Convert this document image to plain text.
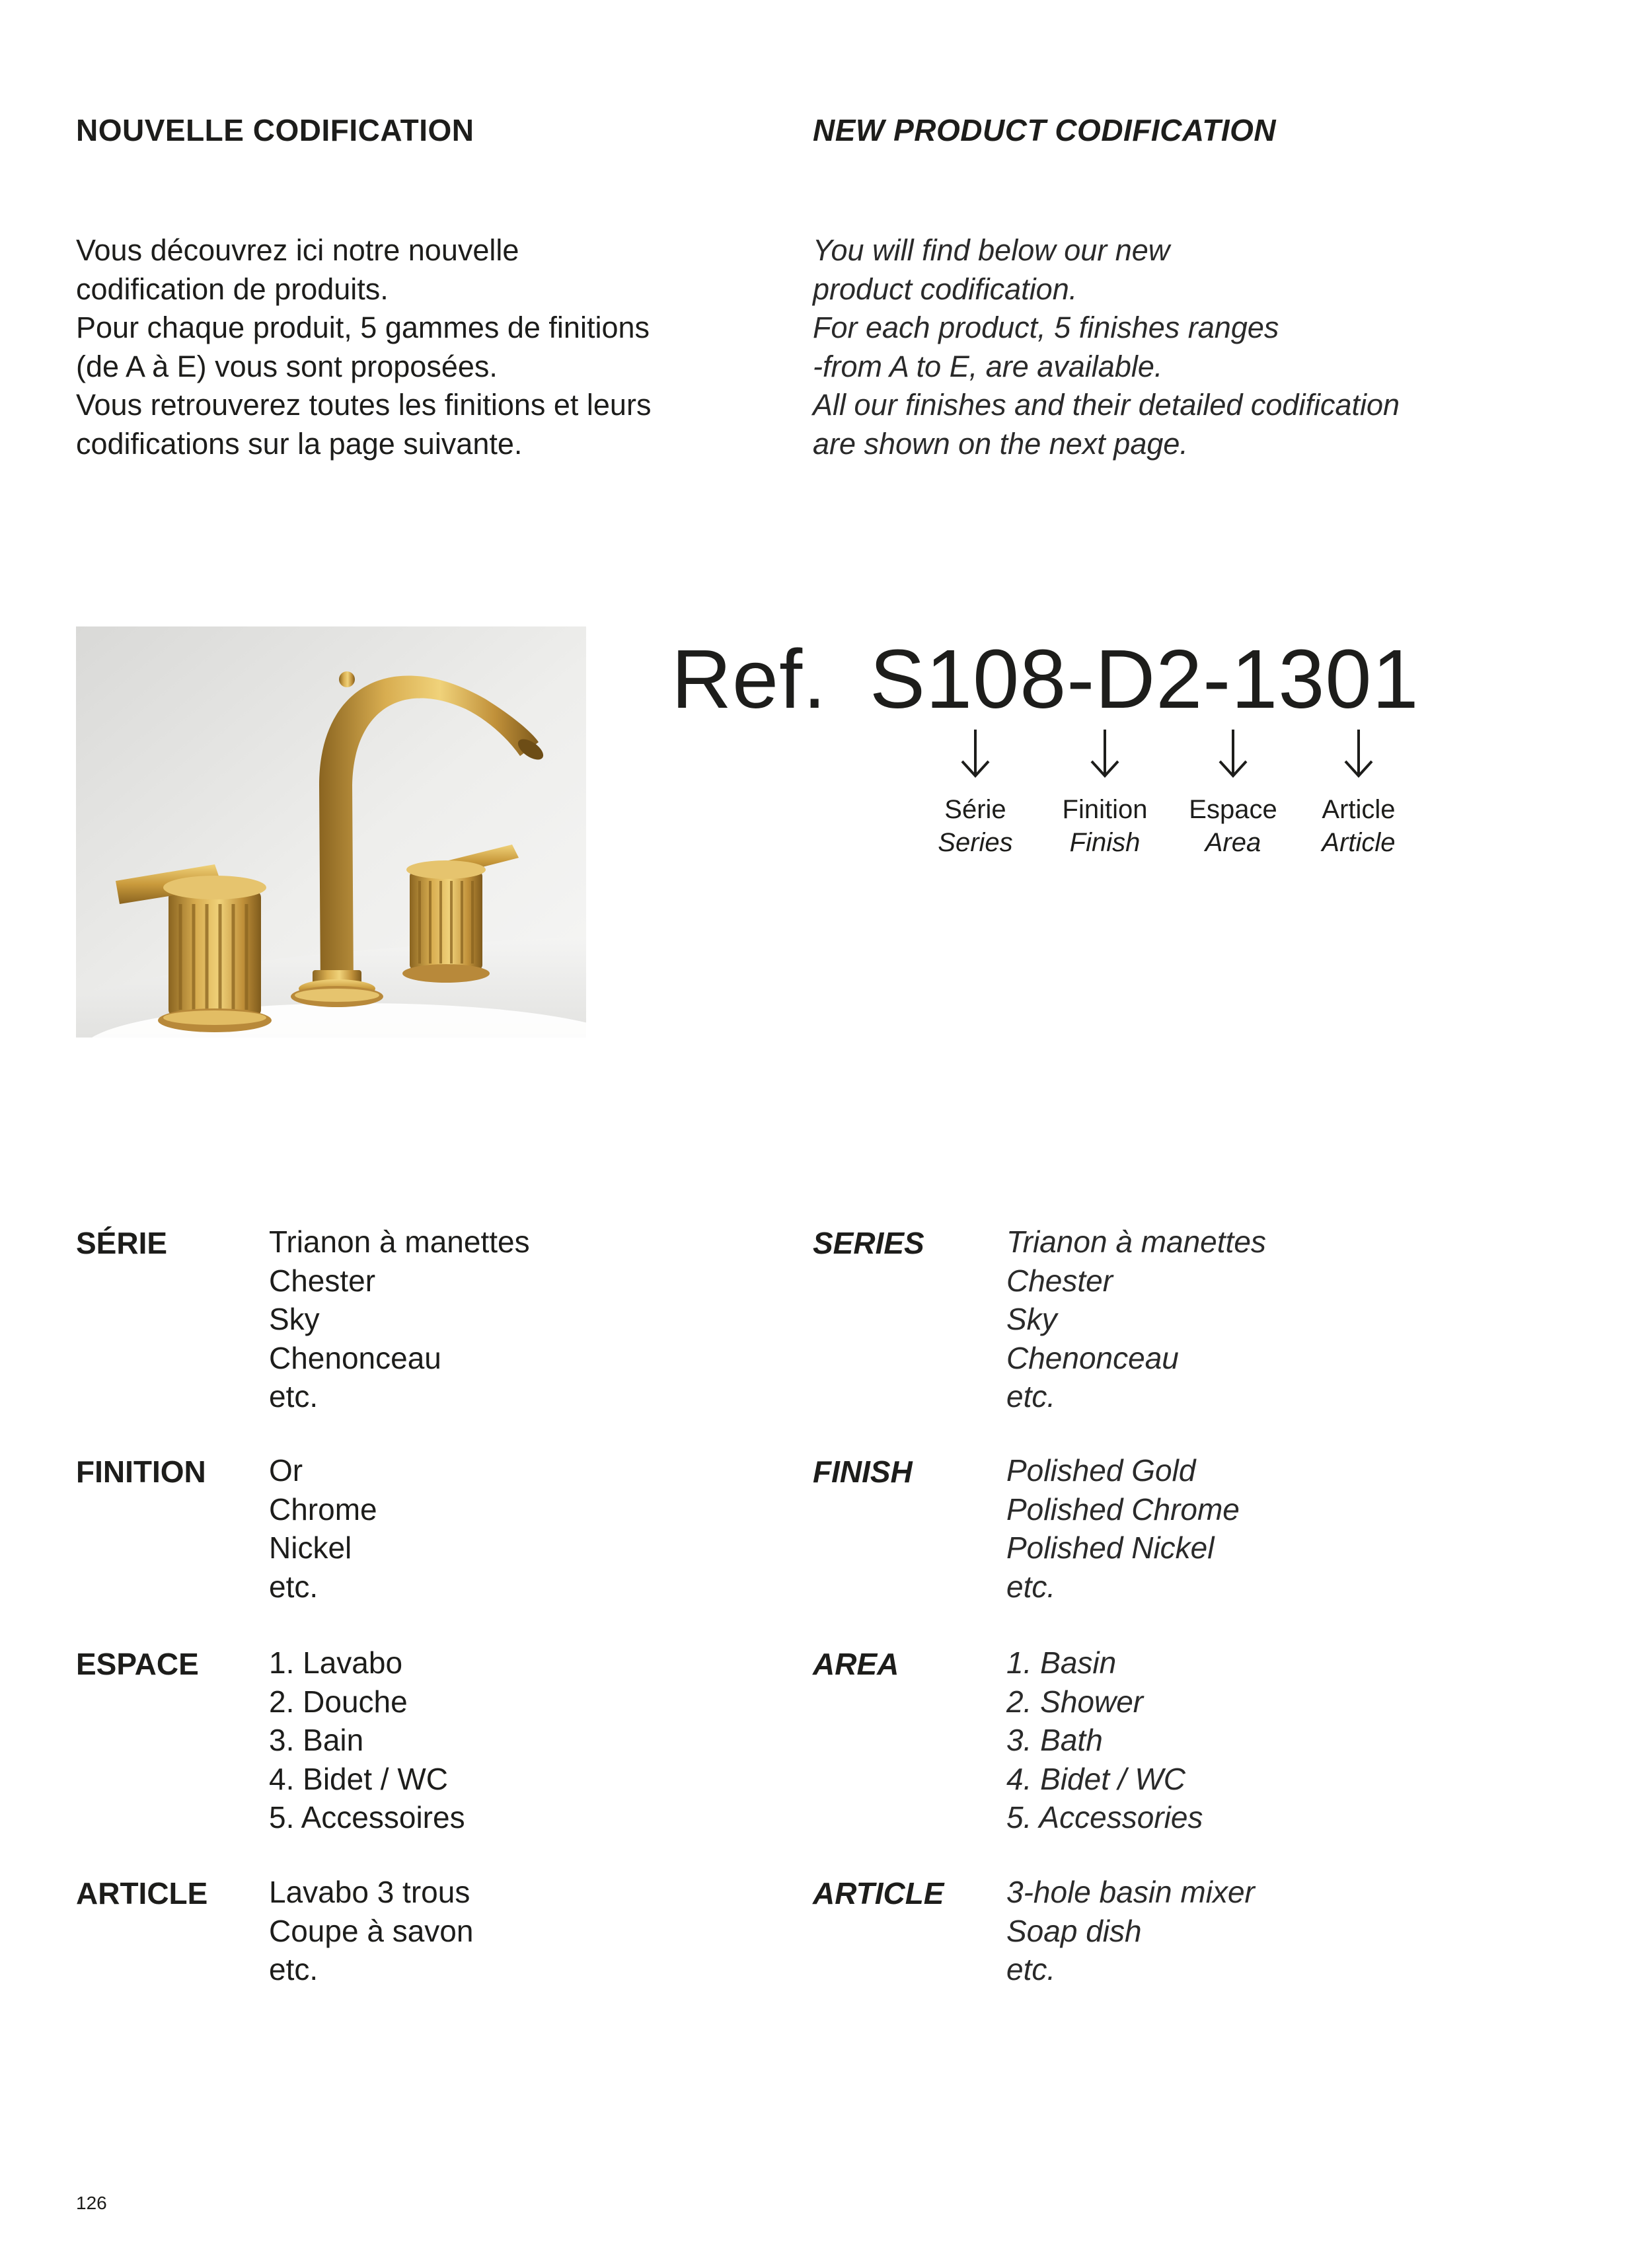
NOUVELLE CODIFICATION	NEW PRODUCT CODIFICATION

Vous découvrez ici notre nouvelle
codification de produits.
Pour chaque produit, 5 gammes de finitions
(de A à E) vous sont proposées.
Vous retrouverez toutes les finitions et leurs
codifications sur la page suivante.

You will find below our new
product codification.
For each product, 5 finishes ranges
-from A to E, are available.
All our finishes and their detailed codification
are shown on the next page.

Ref. S108-D2-1301
Série
Series
Finition
Finish
Espace
Area
Article
Article
SÉRIE	Trianon à manettes
Chester
Sky
Chenonceau
etc.
FINITION Or
Chrome
Nickel
etc.
ESPACE 1. Lavabo
2. Douche
3. Bain
4. Bidet / WC
5. Accessoires
ARTICLE Lavabo 3 trous
Coupe à savon
etc.
SERIES	Trianon à manettes
Chester
Sky
Chenonceau
etc.
FINISH	Polished Gold
Polished Chrome
Polished Nickel
etc.
AREA	1. Basin
2. Shower
3. Bath
4. Bidet / WC
5. Accessories
ARTICLE 3-hole basin mixer
Soap dish
etc.
126
